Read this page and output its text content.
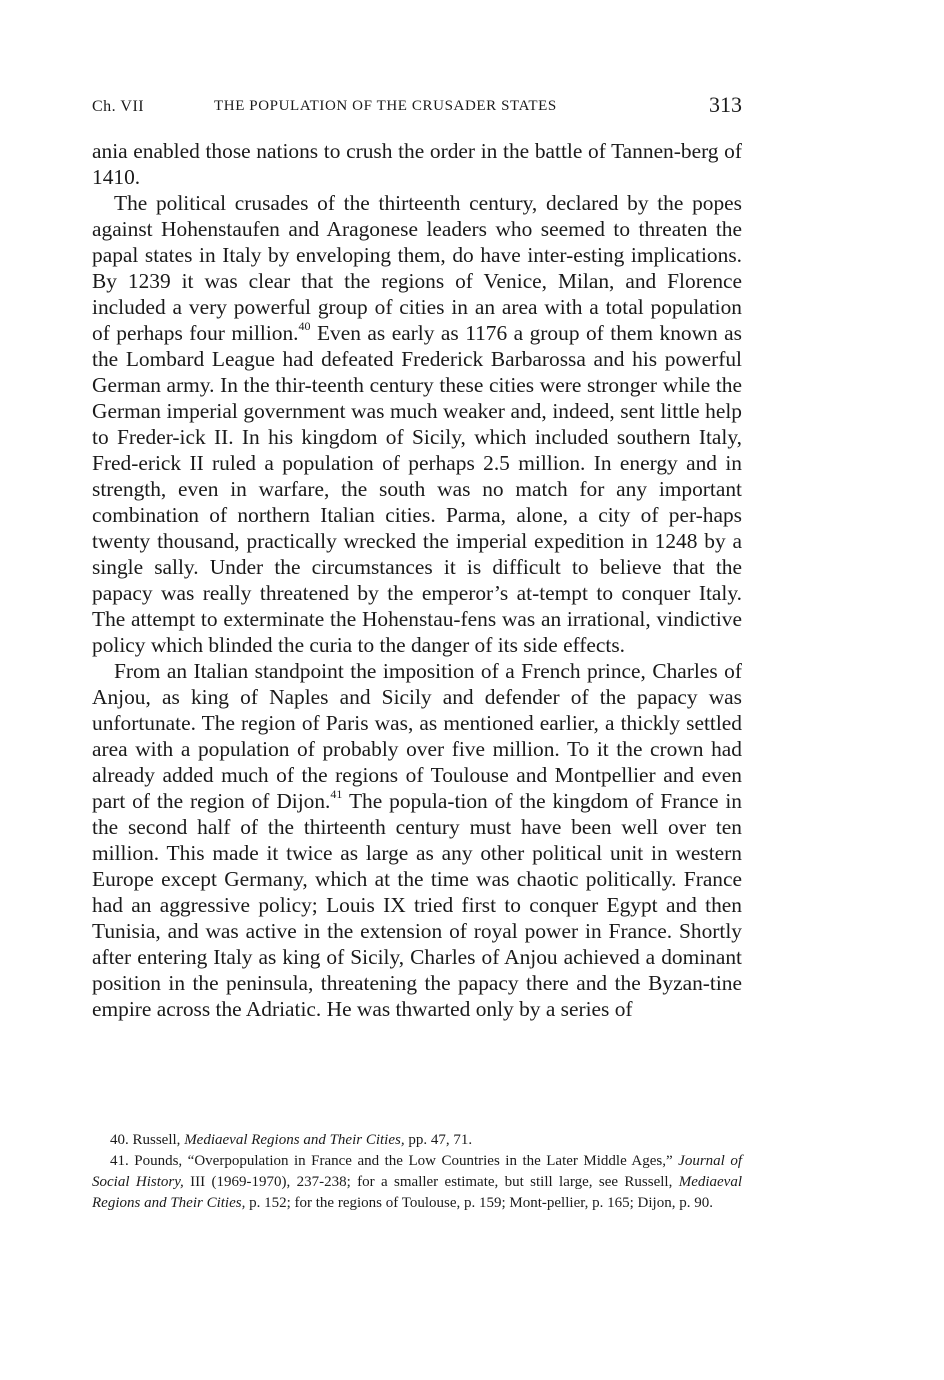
Ch. VII	THE POPULATION OF THE CRUSADER STATES	313

ania enabled those nations to crush the order in the battle of Tannen-berg of 1410.

The political crusades of the thirteenth century, declared by the popes against Hohenstaufen and Aragonese leaders who seemed to threaten the papal states in Italy by enveloping them, do have inter-esting implications. By 1239 it was clear that the regions of Venice, Milan, and Florence included a very powerful group of cities in an area with a total population of perhaps four million.$^{40}$ Even as early as 1176 a group of them known as the Lombard League had defeated Frederick Barbarossa and his powerful German army. In the thir-teenth century these cities were stronger while the German imperial government was much weaker and, indeed, sent little help to Freder-ick II. In his kingdom of Sicily, which included southern Italy, Fred-erick II ruled a population of perhaps 2.5 million. In energy and in strength, even in warfare, the south was no match for any important combination of northern Italian cities. Parma, alone, a city of per-haps twenty thousand, practically wrecked the imperial expedition in 1248 by a single sally. Under the circumstances it is difficult to believe that the papacy was really threatened by the emperor’s at-tempt to conquer Italy. The attempt to exterminate the Hohenstau-fens was an irrational, vindictive policy which blinded the curia to the danger of its side effects.

From an Italian standpoint the imposition of a French prince, Charles of Anjou, as king of Naples and Sicily and defender of the papacy was unfortunate. The region of Paris was, as mentioned earlier, a thickly settled area with a population of probably over five million. To it the crown had already added much of the regions of Toulouse and Montpellier and even part of the region of Dijon.$^{41}$ The popula-tion of the kingdom of France in the second half of the thirteenth century must have been well over ten million. This made it twice as large as any other political unit in western Europe except Germany, which at the time was chaotic politically. France had an aggressive policy; Louis IX tried first to conquer Egypt and then Tunisia, and was active in the extension of royal power in France. Shortly after entering Italy as king of Sicily, Charles of Anjou achieved a dominant position in the peninsula, threatening the papacy there and the Byzan-tine empire across the Adriatic. He was thwarted only by a series of

40. Russell, Mediaeval Regions and Their Cities, pp. 47, 71.

41. Pounds, “Overpopulation in France and the Low Countries in the Later Middle Ages,” Journal of Social History, III (1969-1970), 237-238; for a smaller estimate, but still large, see Russell, Mediaeval Regions and Their Cities, p. 152; for the regions of Toulouse, p. 159; Mont-pellier, p. 165; Dijon, p. 90.
